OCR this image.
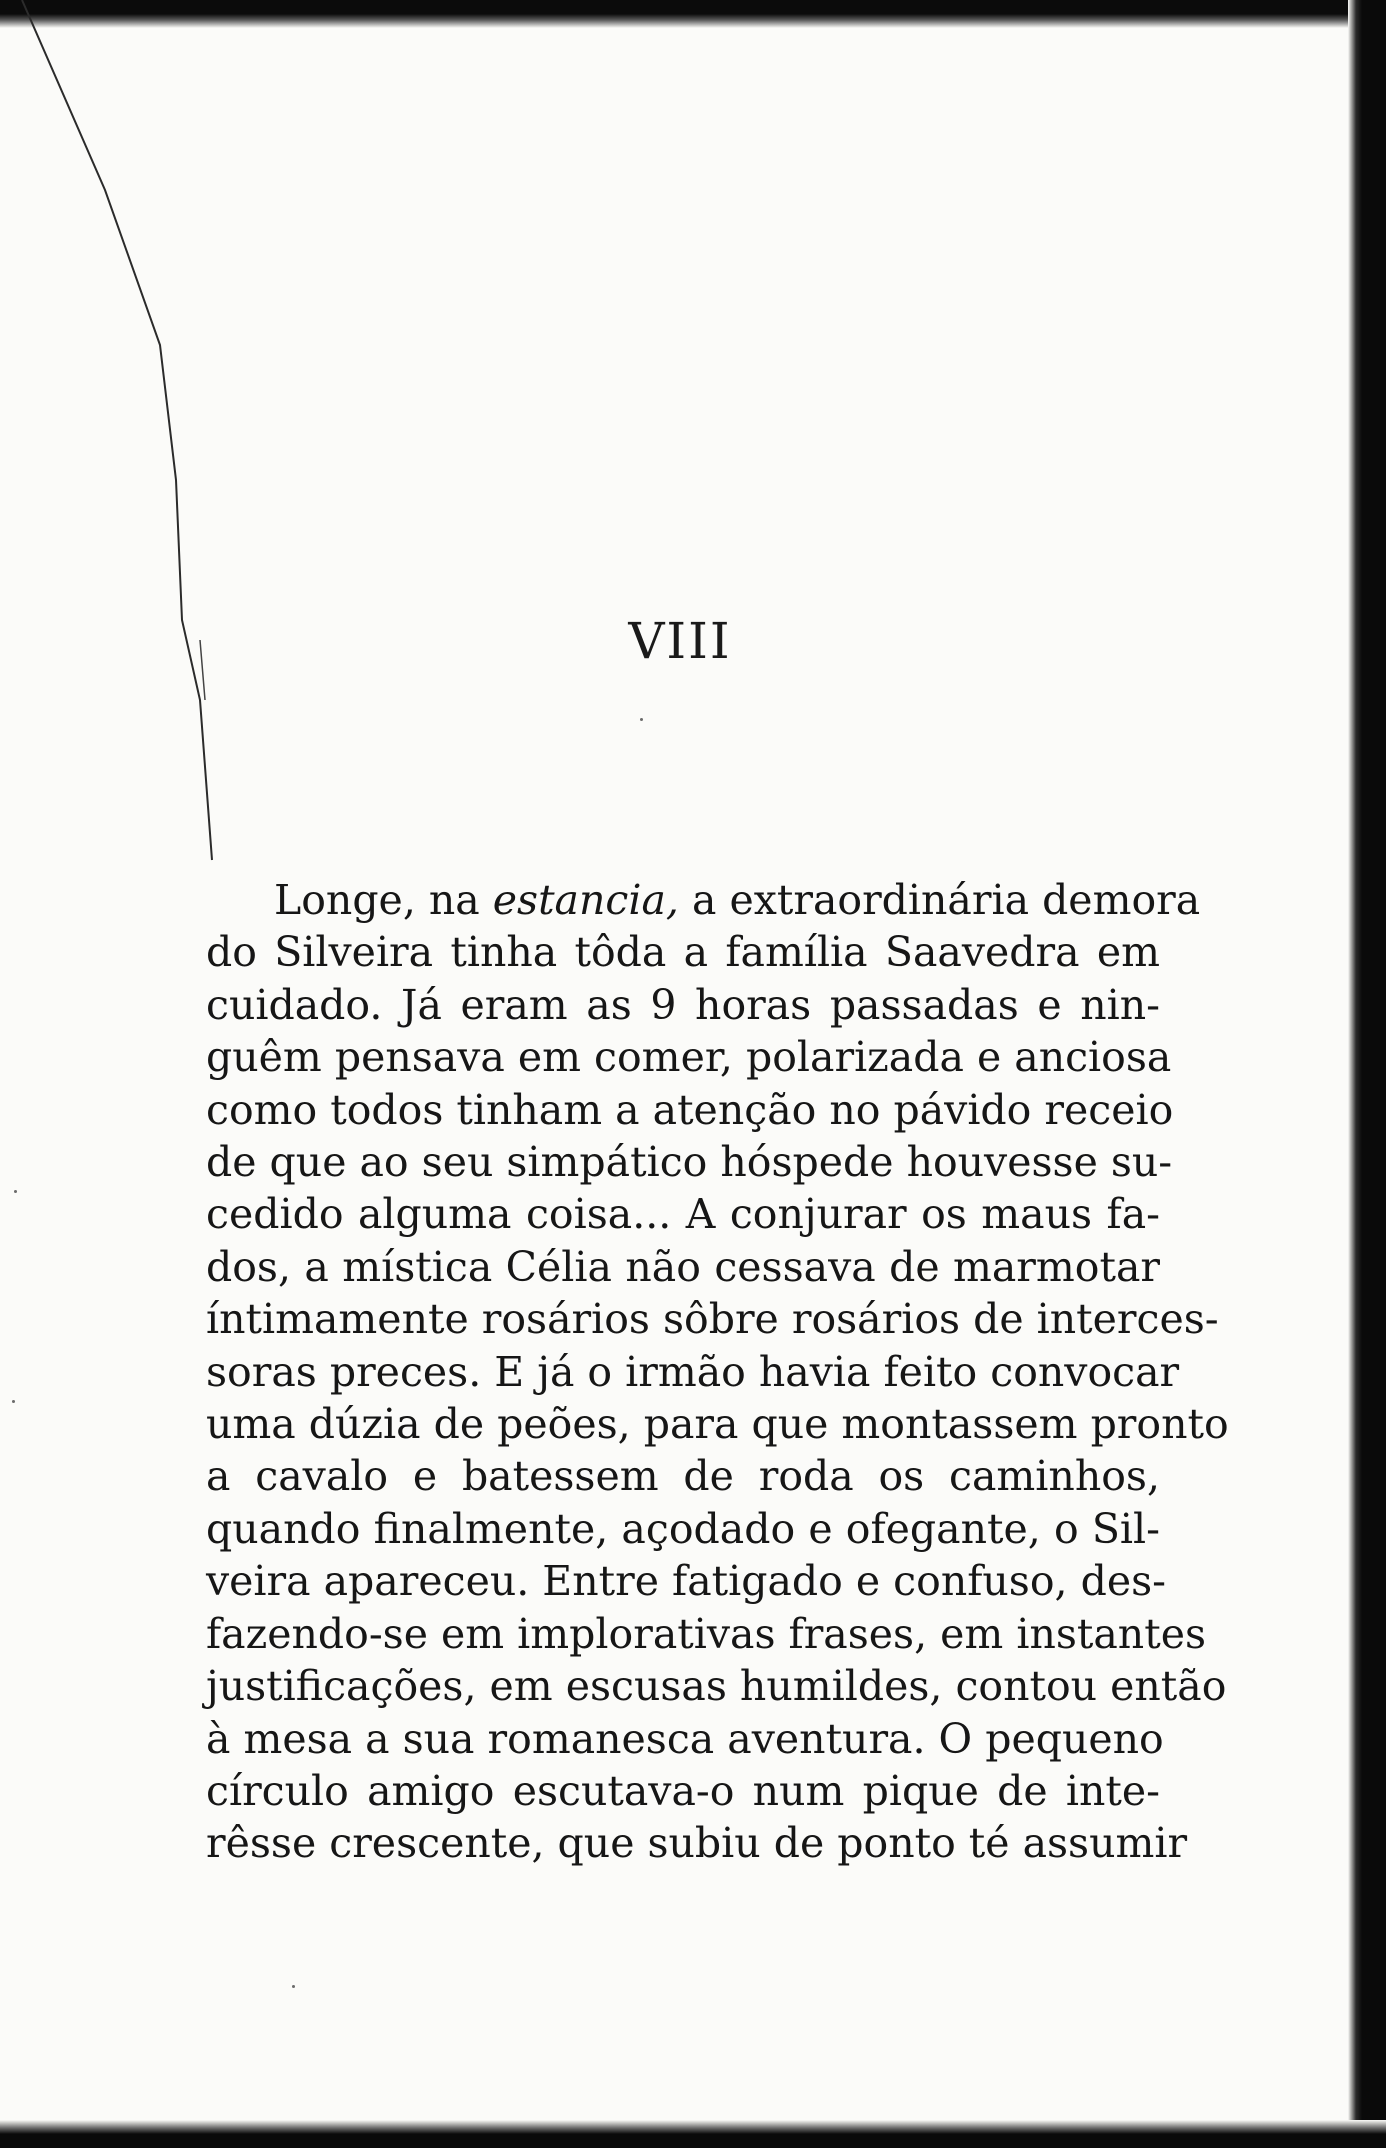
VIII
Longe, na estancia, a extraordinária demora
do Silveira tinha tôda a família Saavedra em
cuidado. Já eram as 9 horas passadas e nin-
guêm pensava em comer, polarizada e anciosa
como todos tinham a atenção no pávido receio
de que ao seu simpático hóspede houvesse su-
cedido alguma coisa... A conjurar os maus fa-
dos, a mística Célia não cessava de marmotar
íntimamente rosários sôbre rosários de interces-
soras preces. E já o irmão havia feito convocar
uma dúzia de peões, para que montassem pronto
a cavalo e batessem de roda os caminhos,
quando finalmente, açodado e ofegante, o Sil-
veira apareceu. Entre fatigado e confuso, des-
fazendo-se em implorativas frases, em instantes
justificações, em escusas humildes, contou então
à mesa a sua romanesca aventura. O pequeno
círculo amigo escutava-o num pique de inte-
rêsse crescente, que subiu de ponto té assumir
